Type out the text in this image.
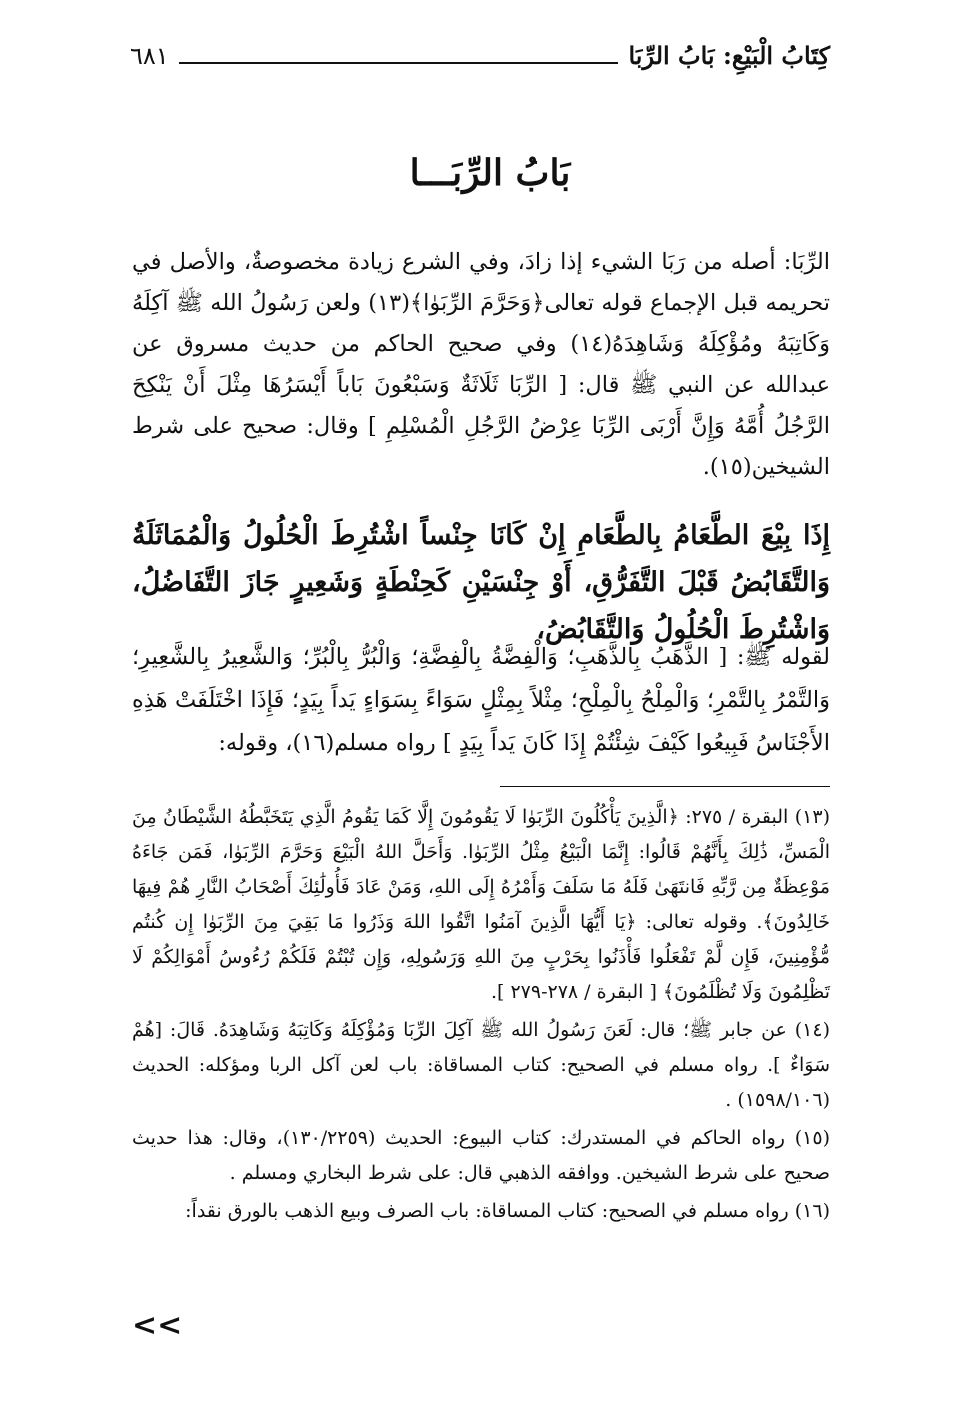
كِتَابُ الْبَيْعِ: بَابُ الرِّبَا
٦٨١
بَابُ الرِّبَـــا

الرِّبَا: أصله من رَبَا الشيء إذا زادَ، وفي الشرع زيادة مخصوصةٌ، والأصل في تحريمه قبل الإجماع قوله تعالى﴿وَحَرَّمَ الرِّبَوٰا﴾(١٣) ولعن رَسُولُ الله ﷺ آكِلَهُ وَكَاتِبَهُ ومُؤْكِلَهُ وَشَاهِدَهُ(١٤) وفي صحيح الحاكم من حديث مسروق عن عبدالله عن النبي ﷺ قال: [ الرِّبَا ثَلَاثَةٌ وَسَبْعُونَ بَاباً أَيْسَرُهَا مِثْلَ أَنْ يَنْكِحَ الرَّجُلُ أُمَّهُ وَإِنَّ أَرْبَى الرِّبَا عِرْضُ الرَّجُلِ الْمُسْلِمِ ] وقال: صحيح على شرط الشيخين(١٥).

إِذَا بِيْعَ الطَّعَامُ بِالطَّعَامِ إِنْ كَانَا جِنْساً اشْتُرِطَ الْحُلُولُ وَالْمُمَاثَلَةُ وَالتَّقَابُضُ قَبْلَ التَّفَرُّقِ، أَوْ جِنْسَيْنِ كَحِنْطَةٍ وَشَعِيرٍ جَازَ التَّفَاضُلُ، وَاشْتُرِطَ الْحُلُولُ وَالتَّقَابُضُ،

لقوله ﷺ: [ الذَّهَبُ بِالذَّهَبِ؛ وَالْفِضَّةُ بِالْفِضَّةِ؛ وَالْبُرُّ بِالْبُرِّ؛ وَالشَّعِيرُ بِالشَّعِيرِ؛ وَالتَّمْرُ بِالتَّمْرِ؛ وَالْمِلْحُ بِالْمِلْحِ؛ مِثْلاً بِمِثْلٍ سَوَاءً بِسَوَاءٍ يَداً بِيَدٍ؛ فَإِذَا اخْتَلَفَتْ هَذِهِ الأَجْنَاسُ فَبِيعُوا كَيْفَ شِئْتُمْ إِذَا كَانَ يَداً بِيَدٍ ] رواه مسلم(١٦)، وقوله:

(١٣) البقرة / ٢٧٥: ﴿الَّذِينَ يَأْكُلُونَ الرِّبَوٰا لَا يَقُومُونَ إِلَّا كَمَا يَقُومُ الَّذِي يَتَخَبَّطُهُ الشَّيْطَانُ مِنَ الْمَسِّ، ذَٰلِكَ بِأَنَّهُمْ قَالُوا: إِنَّمَا الْبَيْعُ مِثْلُ الرِّبَوٰا. وَأَحَلَّ اللهُ الْبَيْعَ وَحَرَّمَ الرِّبَوٰا، فَمَن جَاءَهُ مَوْعِظَةٌ مِن رَّبِّهِ فَانتَهَىٰ فَلَهُ مَا سَلَفَ وَأَمْرُهُ إِلَى اللهِ، وَمَنْ عَادَ فَأُولَٰئِكَ أَصْحَابُ النَّارِ هُمْ فِيهَا خَالِدُونَ﴾. وقوله تعالى: ﴿يَا أَيُّهَا الَّذِينَ آمَنُوا اتَّقُوا اللهَ وَذَرُوا مَا بَقِيَ مِنَ الرِّبَوٰا إِن كُنتُم مُّؤْمِنِينَ، فَإِن لَّمْ تَفْعَلُوا فَأْذَنُوا بِحَرْبٍ مِنَ اللهِ وَرَسُولِهِ، وَإِن تُبْتُمْ فَلَكُمْ رُءُوسُ أَمْوَالِكُمْ لَا تَظْلِمُونَ وَلَا تُظْلَمُونَ﴾ [ البقرة / ٢٧٨-٢٧٩ ].

(١٤) عن جابر ﷺ؛ قال: لَعَنَ رَسُولُ الله ﷺ آكِلَ الرِّبَا وَمُؤْكِلَهُ وَكَاتِبَهُ وَشَاهِدَهُ. قَالَ: [هُمْ سَوَاءٌ ]. رواه مسلم في الصحيح: كتاب المساقاة: باب لعن آكل الربا ومؤكله: الحديث (١٥٩٨/١٠٦) .

(١٥) رواه الحاكم في المستدرك: كتاب البيوع: الحديث (١٣٠/٢٢٥٩)، وقال: هذا حديث صحيح على شرط الشيخين. ووافقه الذهبي قال: على شرط البخاري ومسلم .

(١٦) رواه مسلم في الصحيح: كتاب المساقاة: باب الصرف وبيع الذهب بالورق نقداً:

<<
